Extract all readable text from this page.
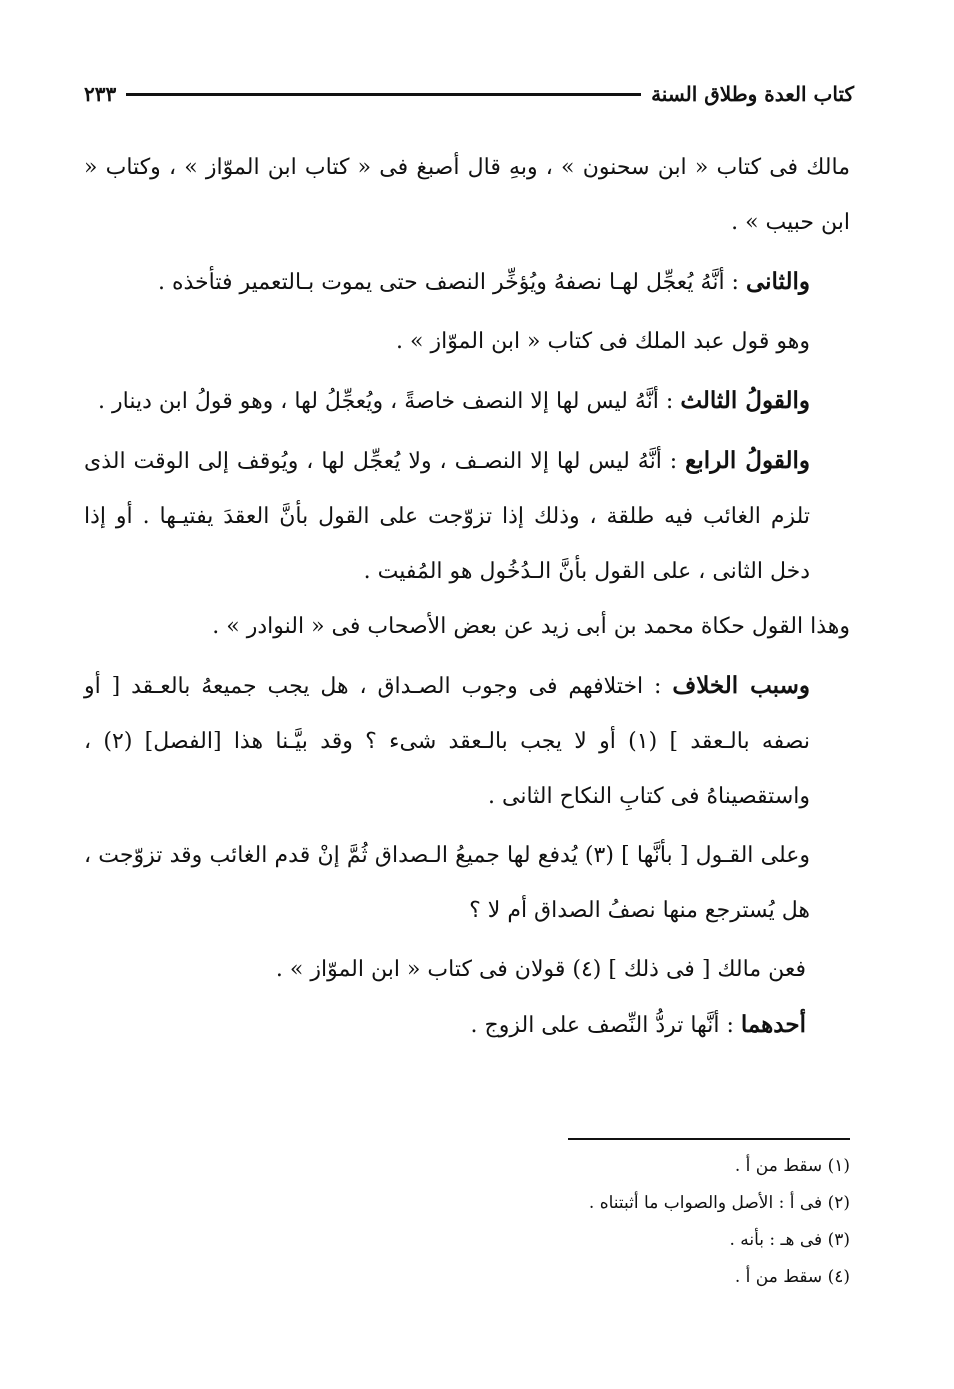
كتاب العدة وطلاق السنة
٢٣٣

مالك فى كتاب « ابن سحنون » ، وبهِ قال أصبغ فى « كتاب ابن الموّاز » ، وكتاب « ابن حبيب » .

والثانى : أنَّهُ يُعجِّل لهـا نصفهُ ويُؤخِّر النصف حتى يموت بـالتعمير فتأخذه .

وهو قول عبد الملك فى كتاب « ابن الموّاز » .

والقولُ الثالث : أنَّهُ ليس لها إلا النصف خاصةً ، ويُعجِّلُ لها ، وهو قولُ ابن دينار .

والقولُ الرابع : أنَّهُ ليس لها إلا النصـف ، ولا يُعجِّل لها ، ويُوقف إلى الوقت الذى تلزم الغائب فيه طلقة ، وذلك إذا تزوّجت على القول بأنَّ العقدَ يفتيـها . أو إذا دخل الثانى ، على القول بأنَّ الـدُخُول هو المُفيت .

وهذا القول حكاة محمد بن أبى زيد عن بعض الأصحاب فى « النوادر » .

وسبب الخلاف : اختلافهم فى وجوب الصـداق ، هل يجب جميعهُ بالعـقد [ أو نصفه بالـعقد ] (١) أو لا يجب بالـعقد شىء ؟ وقد بيَّـنا هذا [الفصل] (٢) ، واستقصيناهُ فى كتابِ النكاح الثانى .

وعلى القـول [ بأنَّها ] (٣) يُدفع لها جميعُ الـصداق ثُمَّ إنْ قدم الغائب وقد تزوّجت ، هل يُسترجع منها نصفُ الصداق أم لا ؟

فعن مالك [ فى ذلك ] (٤) قولان فى كتاب « ابن الموّاز » .

أحدهما : أنَّها تردُّ النِّصف على الزوج .

(١) سقط من أ .
(٢) فى أ : الأصل والصواب ما أثبتناه .
(٣) فى هـ : بأنه .
(٤) سقط من أ .
